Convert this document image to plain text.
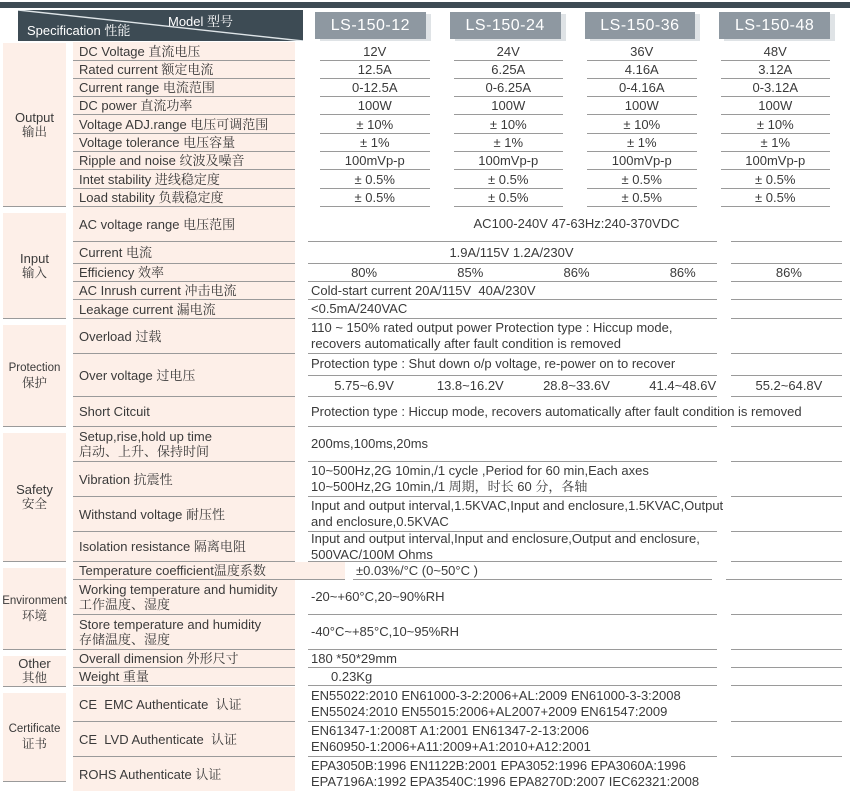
Model 型号
Specification 性能	LS-150-12	LS-150-24	LS-150-36	LS-150-48
Output
输出
DC Voltage 直流电压	12V	24V	36V	48V
Rated current 额定电流	12.5A	6.25A	4.16A	3.12A
Current range 电流范围	0-12.5A	0-6.25A	0-4.16A	0-3.12A
DC power 直流功率	100W	100W	100W	100W
Voltage ADJ.range 电压可调范围	± 10%	± 10%	± 10%	± 10%
Voltage tolerance 电压容量	± 1%	± 1%	± 1%	± 1%
Ripple and noise 纹波及噪音	100mVp-p	100mVp-p	100mVp-p	100mVp-p
Intet stability 进线稳定度	± 0.5%	± 0.5%	± 0.5%	± 0.5%
Load stability 负载稳定度	± 0.5%	± 0.5%	± 0.5%	± 0.5%
Input
输入
AC voltage range 电压范围	AC100-240V 47-63Hz:240-370VDC
Current 电流	1.9A/115V 1.2A/230V
Efficiency 效率	80%	85%	86%	86%	86%
AC Inrush current 冲击电流	Cold-start current 20A/115V  40A/230V
Leakage current 漏电流	<0.5mA/240VAC
Protection
保护
Overload 过载
110 ~ 150% rated output power Protection type : Hiccup mode,
recovers automatically after fault condition is removed
Over voltage 过电压
Protection type : Shut down o/p voltage, re-power on to recover
5.75~6.9V	13.8~16.2V	28.8~33.6V	41.4~48.6V	55.2~64.8V
Short Citcuit	Protection type : Hiccup mode, recovers automatically after fault condition is removed
Safety
安全
Setup,rise,hold up time
启动、上升、保持时间
200ms,100ms,20ms
Vibration 抗震性
10~500Hz,2G 10min,/1 cycle ,Period for 60 min,Each axes
10~500Hz,2G 10min,/1 周期，时长 60 分，各轴
Withstand voltage 耐压性
Input and output interval,1.5KVAC,Input and enclosure,1.5KVAC,Output
and enclosure,0.5KVAC
Isolation resistance 隔离电阻
Input and output interval,Input and enclosure,Output and enclosure,
500VAC/100M Ohms
Environment
环境
Temperature coefficient温度系数	±0.03%/°C (0~50°C )
Working temperature and humidity
工作温度、湿度
-20~+60°C,20~90%RH
Store temperature and humidity
存储温度、湿度
-40°C~+85°C,10~95%RH
Other
其他
Overall dimension 外形尺寸	180 *50*29mm
Weight 重量	0.23Kg
Certificate
证书
CE  EMC Authenticate  认证
EN55022:2010 EN61000-3-2:2006+AL:2009 EN61000-3-3:2008
EN55024:2010 EN55015:2006+AL2007+2009 EN61547:2009
CE  LVD Authenticate  认证
EN61347-1:2008T A1:2001 EN61347-2-13:2006
EN60950-1:2006+A11:2009+A1:2010+A12:2001
ROHS Authenticate 认证
EPA3050B:1996 EN1122B:2001 EPA3052:1996 EPA3060A:1996
EPA7196A:1992 EPA3540C:1996 EPA8270D:2007 IEC62321:2008
